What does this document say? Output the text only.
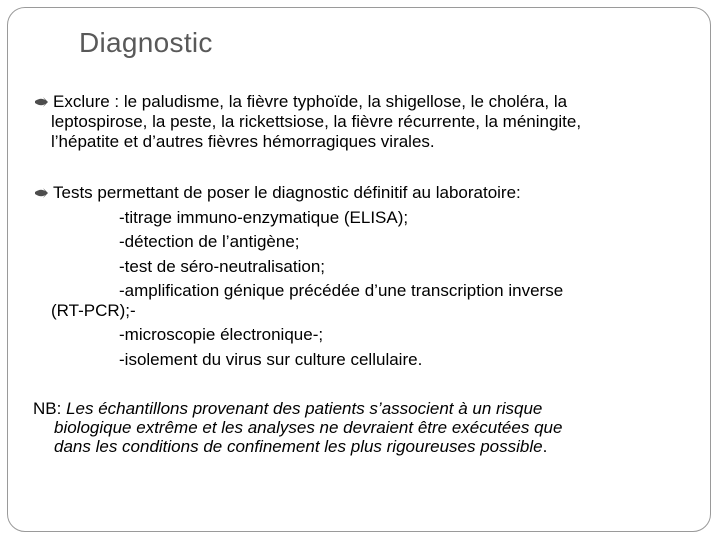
Diagnostic
Exclure : le paludisme, la fièvre typhoïde, la shigellose, le choléra, la
leptospirose, la peste, la rickettsiose, la fièvre récurrente, la méningite,
l’hépatite et d’autres fièvres hémorragiques virales.
Tests permettant de poser le diagnostic définitif au laboratoire:
-titrage immuno-enzymatique (ELISA);
-détection de l’antigène;
-test de séro-neutralisation;
-amplification génique précédée d’une transcription inverse
(RT-PCR);-
-microscopie électronique-;
-isolement du virus sur culture cellulaire.
NB: Les échantillons provenant des patients s’associent à un risque
biologique extrême et les analyses ne devraient être exécutées que
dans les conditions de confinement les plus rigoureuses possible.
